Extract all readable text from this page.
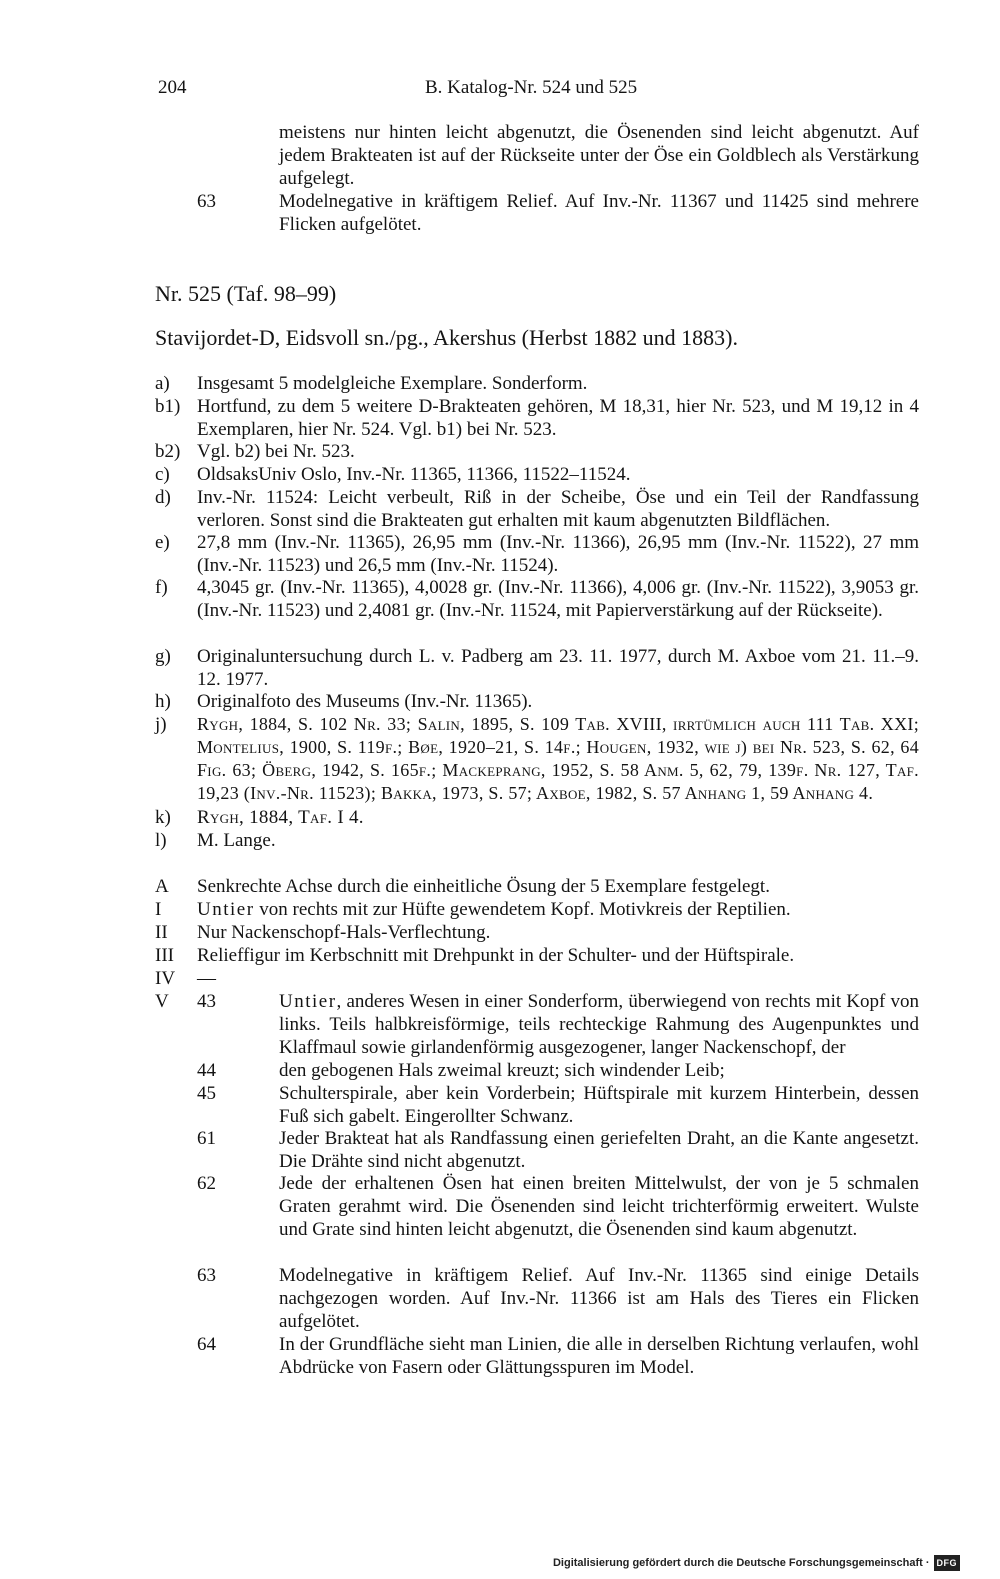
204	B. Katalog-Nr. 524 und 525
meistens nur hinten leicht abgenutzt, die Ösenenden sind leicht abgenutzt. Auf jedem Brakteaten ist auf der Rückseite unter der Öse ein Goldblech als Verstärkung aufgelegt.
63	Modelnegative in kräftigem Relief. Auf Inv.-Nr. 11367 und 11425 sind mehrere Flicken aufgelötet.
Nr. 525 (Taf. 98–99)
Stavijordet-D, Eidsvoll sn./pg., Akershus (Herbst 1882 und 1883).
a) Insgesamt 5 modelgleiche Exemplare. Sonderform.
b1) Hortfund, zu dem 5 weitere D-Brakteaten gehören, M 18,31, hier Nr. 523, und M 19,12 in 4 Exemplaren, hier Nr. 524. Vgl. b1) bei Nr. 523.
b2) Vgl. b2) bei Nr. 523.
c) OldsaksUniv Oslo, Inv.-Nr. 11365, 11366, 11522–11524.
d) Inv.-Nr. 11524: Leicht verbeult, Riß in der Scheibe, Öse und ein Teil der Randfassung verloren. Sonst sind die Brakteaten gut erhalten mit kaum abgenutzten Bildflächen.
e) 27,8 mm (Inv.-Nr. 11365), 26,95 mm (Inv.-Nr. 11366), 26,95 mm (Inv.-Nr. 11522), 27 mm (Inv.-Nr. 11523) und 26,5 mm (Inv.-Nr. 11524).
f) 4,3045 gr. (Inv.-Nr. 11365), 4,0028 gr. (Inv.-Nr. 11366), 4,006 gr. (Inv.-Nr. 11522), 3,9053 gr. (Inv.-Nr. 11523) und 2,4081 gr. (Inv.-Nr. 11524, mit Papierverstärkung auf der Rückseite).
g) Originaluntersuchung durch L. v. Padberg am 23. 11. 1977, durch M. Axboe vom 21. 11.–9. 12. 1977.
h) Originalfoto des Museums (Inv.-Nr. 11365).
j) Rygh, 1884, S. 102 Nr. 33; Salin, 1895, S. 109 Tab. XVIII, irrtümlich auch 111 Tab. XXI; Montelius, 1900, S. 119f.; Bøe, 1920–21, S. 14f.; Hougen, 1932, wie j) bei Nr. 523, S. 62, 64 Fig. 63; Öberg, 1942, S. 165f.; Mackeprang, 1952, S. 58 Anm. 5, 62, 79, 139f. Nr. 127, Taf. 19,23 (Inv.-Nr. 11523); Bakka, 1973, S. 57; Axboe, 1982, S. 57 Anhang 1, 59 Anhang 4.
k) Rygh, 1884, Taf. I 4.
l) M. Lange.
A Senkrechte Achse durch die einheitliche Ösung der 5 Exemplare festgelegt.
I Untier von rechts mit zur Hüfte gewendetem Kopf. Motivkreis der Reptilien.
II Nur Nackenschopf-Hals-Verflechtung.
III Relieffigur im Kerbschnitt mit Drehpunkt in der Schulter- und der Hüftspirale.
IV —
V 43	Untier, anderes Wesen in einer Sonderform, überwiegend von rechts mit Kopf von links. Teils halbkreisförmige, teils rechteckige Rahmung des Augenpunktes und Klaffmaul sowie girlandenförmig ausgezogener, langer Nackenschopf, der
44	den gebogenen Hals zweimal kreuzt; sich windender Leib;
45	Schulterspirale, aber kein Vorderbein; Hüftspirale mit kurzem Hinterbein, dessen Fuß sich gabelt. Eingerollter Schwanz.
61	Jeder Brakteat hat als Randfassung einen geriefelten Draht, an die Kante angesetzt. Die Drähte sind nicht abgenutzt.
62	Jede der erhaltenen Ösen hat einen breiten Mittelwulst, der von je 5 schmalen Graten gerahmt wird. Die Ösenenden sind leicht trichterförmig erweitert. Wulste und Grate sind hinten leicht abgenutzt, die Ösenenden sind kaum abgenutzt.
63	Modelnegative in kräftigem Relief. Auf Inv.-Nr. 11365 sind einige Details nachgezogen worden. Auf Inv.-Nr. 11366 ist am Hals des Tieres ein Flicken aufgelötet.
64	In der Grundfläche sieht man Linien, die alle in derselben Richtung verlaufen, wohl Abdrücke von Fasern oder Glättungsspuren im Model.
Digitalisierung gefördert durch die Deutsche Forschungsgemeinschaft · DFG
